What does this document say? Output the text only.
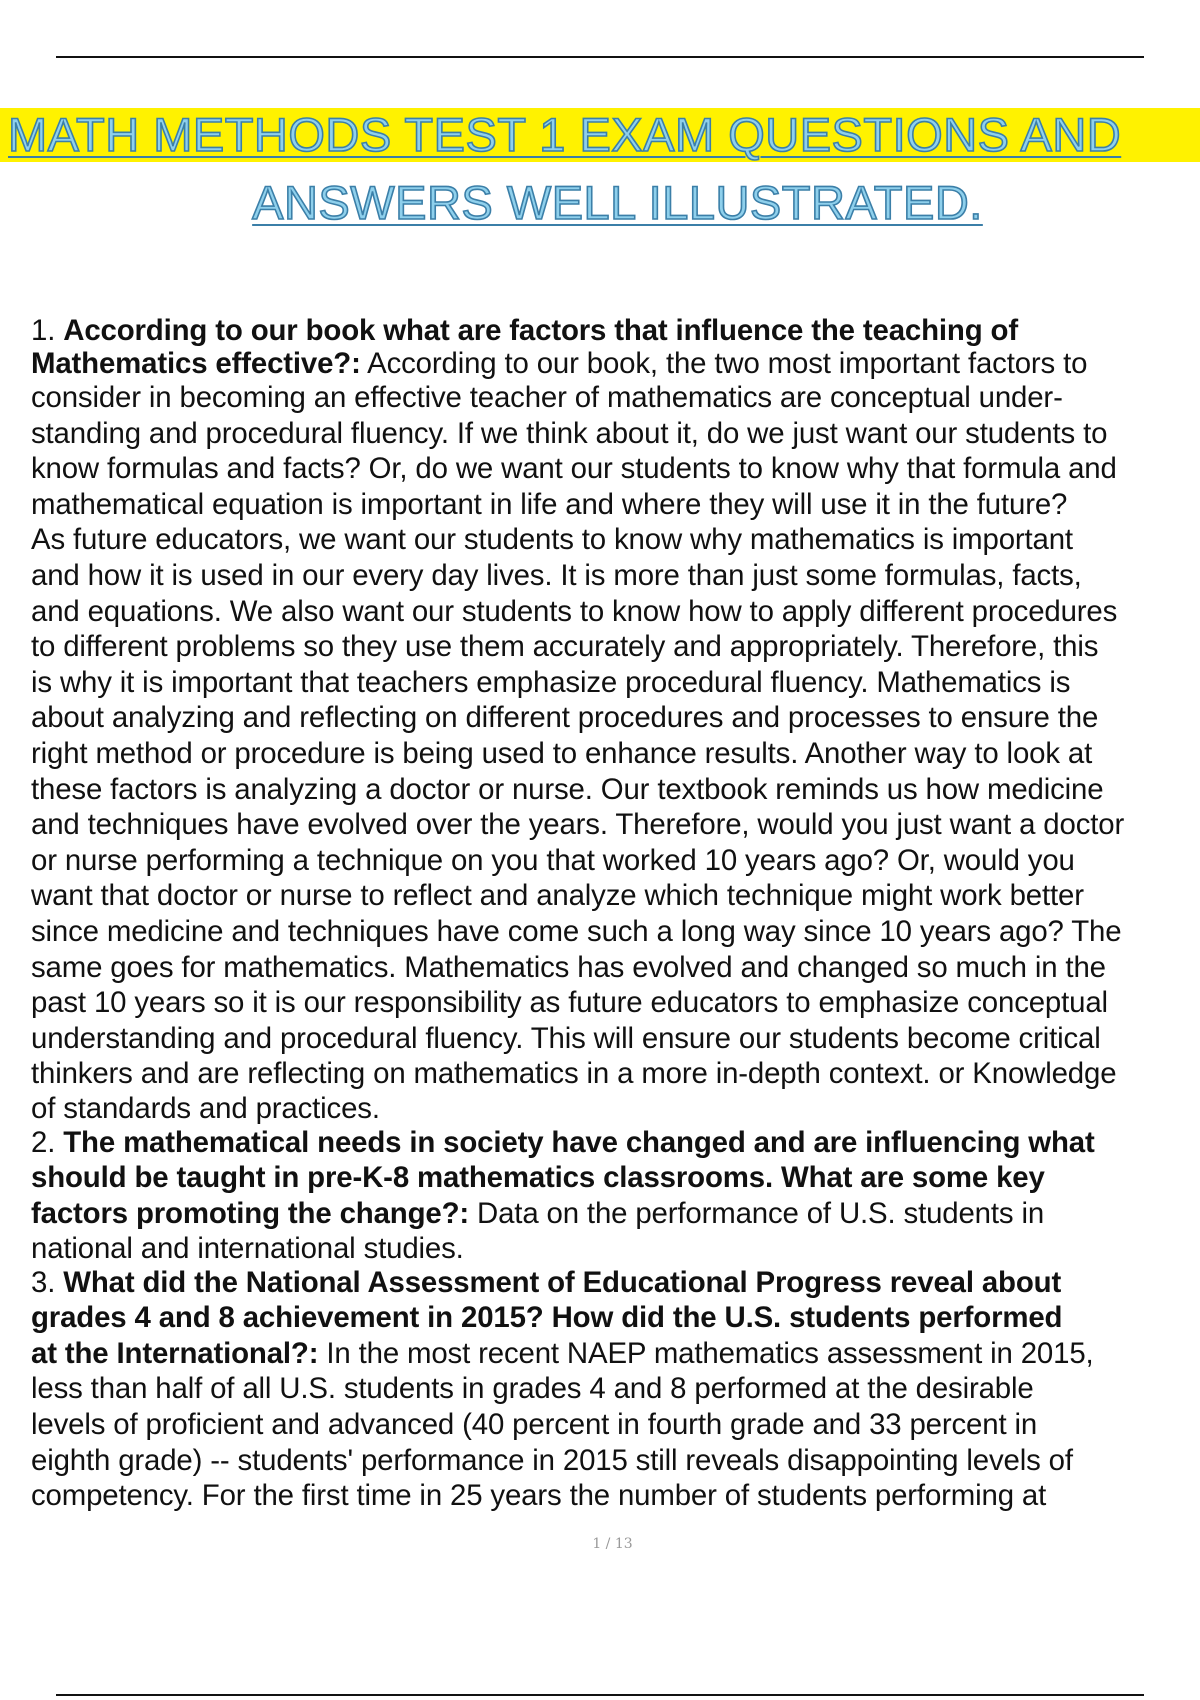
MATH METHODS TEST 1 EXAM QUESTIONS AND
ANSWERS WELL ILLUSTRATED.
1. According to our book what are factors that influence the teaching of
Mathematics effective?: According to our book, the two most important factors to
consider in becoming an effective teacher of mathematics are conceptual under-
standing and procedural fluency. If we think about it, do we just want our students to
know formulas and facts? Or, do we want our students to know why that formula and
mathematical equation is important in life and where they will use it in the future?
As future educators, we want our students to know why mathematics is important
and how it is used in our every day lives. It is more than just some formulas, facts,
and equations. We also want our students to know how to apply different procedures
to different problems so they use them accurately and appropriately. Therefore, this
is why it is important that teachers emphasize procedural fluency. Mathematics is
about analyzing and reflecting on different procedures and processes to ensure the
right method or procedure is being used to enhance results. Another way to look at
these factors is analyzing a doctor or nurse. Our textbook reminds us how medicine
and techniques have evolved over the years. Therefore, would you just want a doctor
or nurse performing a technique on you that worked 10 years ago? Or, would you
want that doctor or nurse to reflect and analyze which technique might work better
since medicine and techniques have come such a long way since 10 years ago? The
same goes for mathematics. Mathematics has evolved and changed so much in the
past 10 years so it is our responsibility as future educators to emphasize conceptual
understanding and procedural fluency. This will ensure our students become critical
thinkers and are reflecting on mathematics in a more in-depth context. or Knowledge
of standards and practices.
2. The mathematical needs in society have changed and are influencing what
should be taught in pre-K-8 mathematics classrooms. What are some key
factors promoting the change?: Data on the performance of U.S. students in
national and international studies.
3. What did the National Assessment of Educational Progress reveal about
grades 4 and 8 achievement in 2015? How did the U.S. students performed
at the International?: In the most recent NAEP mathematics assessment in 2015,
less than half of all U.S. students in grades 4 and 8 performed at the desirable
levels of proficient and advanced (40 percent in fourth grade and 33 percent in
eighth grade) -- students' performance in 2015 still reveals disappointing levels of
competency. For the first time in 25 years the number of students performing at
1 / 13
